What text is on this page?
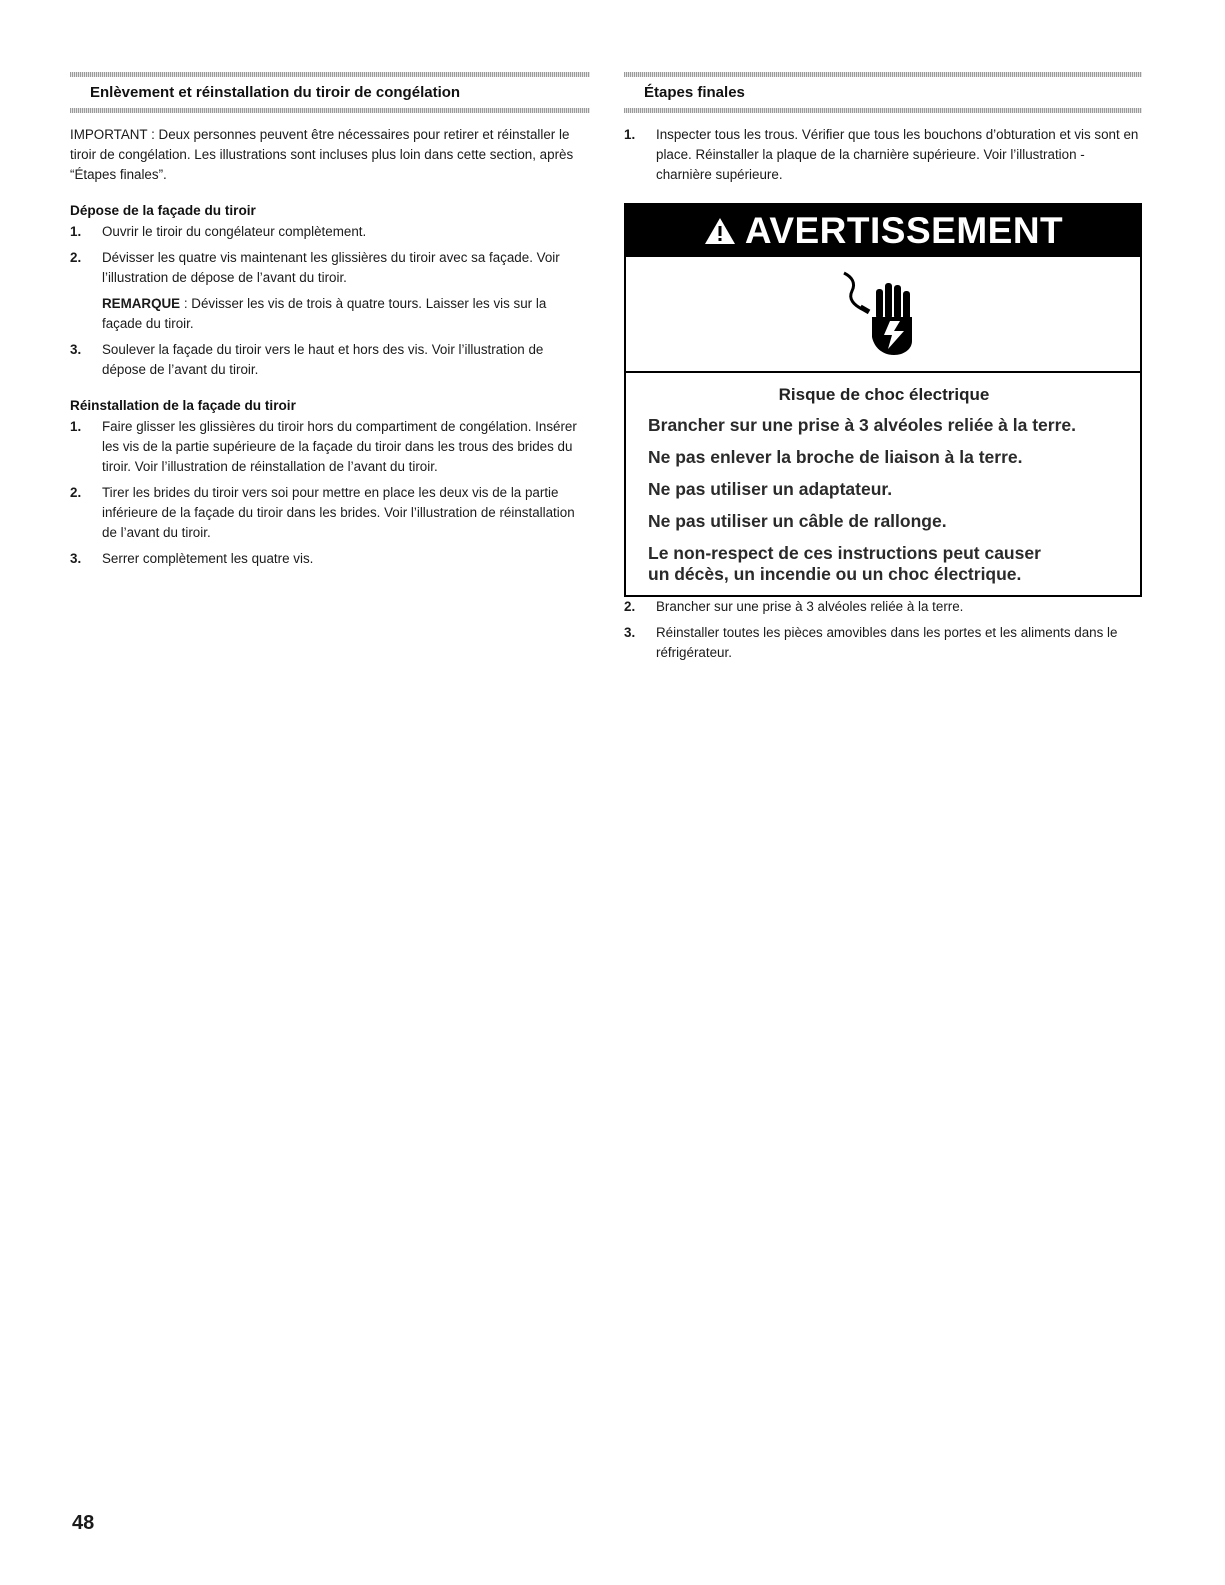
Enlèvement et réinstallation du tiroir de congélation

IMPORTANT : Deux personnes peuvent être nécessaires pour retirer et réinstaller le tiroir de congélation. Les illustrations sont incluses plus loin dans cette section, après “Étapes finales”.

Dépose de la façade du tiroir
1. Ouvrir le tiroir du congélateur complètement.
2. Dévisser les quatre vis maintenant les glissières du tiroir avec sa façade. Voir l’illustration de dépose de l’avant du tiroir.
REMARQUE : Dévisser les vis de trois à quatre tours. Laisser les vis sur la façade du tiroir.
3. Soulever la façade du tiroir vers le haut et hors des vis. Voir l’illustration de dépose de l’avant du tiroir.
Réinstallation de la façade du tiroir
1. Faire glisser les glissières du tiroir hors du compartiment de congélation. Insérer les vis de la partie supérieure de la façade du tiroir dans les trous des brides du tiroir. Voir l’illustration de réinstallation de l’avant du tiroir.
2. Tirer les brides du tiroir vers soi pour mettre en place les deux vis de la partie inférieure de la façade du tiroir dans les brides. Voir l’illustration de réinstallation de l’avant du tiroir.
3. Serrer complètement les quatre vis.
Étapes finales
1. Inspecter tous les trous. Vérifier que tous les bouchons d’obturation et vis sont en place. Réinstaller la plaque de la charnière supérieure. Voir l’illustration - charnière supérieure.
AVERTISSEMENT
Risque de choc électrique
Brancher sur une prise à 3 alvéoles reliée à la terre.
Ne pas enlever la broche de liaison à la terre.
Ne pas utiliser un adaptateur.
Ne pas utiliser un câble de rallonge.
Le non-respect de ces instructions peut causer
un décès, un incendie ou un choc électrique.
2. Brancher sur une prise à 3 alvéoles reliée à la terre.
3. Réinstaller toutes les pièces amovibles dans les portes et les aliments dans le réfrigérateur.
48
